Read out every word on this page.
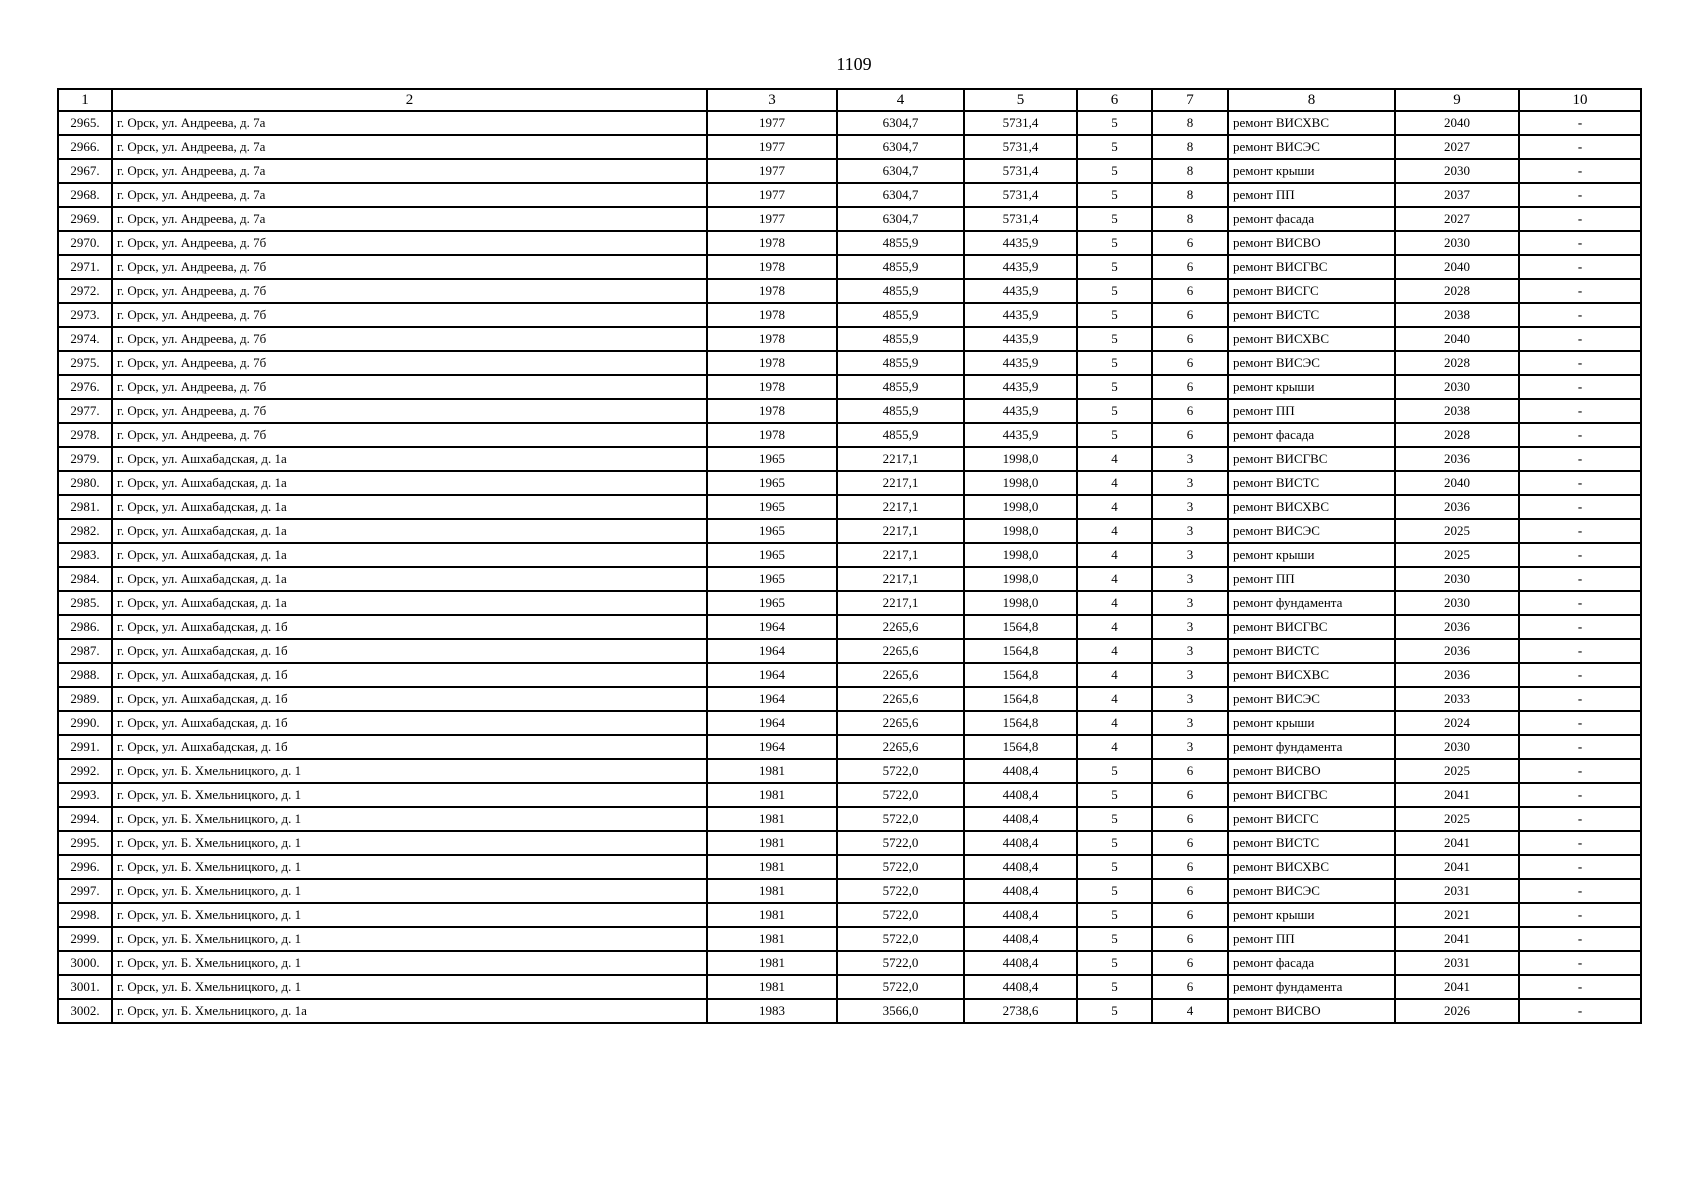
1109
1	2	3	4	5	6	7	8	9	10
2965.	г. Орск, ул. Андреева, д. 7а	1977	6304,7	5731,4	5	8	ремонт ВИСХВС	2040	-
2966.	г. Орск, ул. Андреева, д. 7а	1977	6304,7	5731,4	5	8	ремонт ВИСЭС	2027	-
2967.	г. Орск, ул. Андреева, д. 7а	1977	6304,7	5731,4	5	8	ремонт крыши	2030	-
2968.	г. Орск, ул. Андреева, д. 7а	1977	6304,7	5731,4	5	8	ремонт ПП	2037	-
2969.	г. Орск, ул. Андреева, д. 7а	1977	6304,7	5731,4	5	8	ремонт фасада	2027	-
2970.	г. Орск, ул. Андреева, д. 7б	1978	4855,9	4435,9	5	6	ремонт ВИСВО	2030	-
2971.	г. Орск, ул. Андреева, д. 7б	1978	4855,9	4435,9	5	6	ремонт ВИСГВС	2040	-
2972.	г. Орск, ул. Андреева, д. 7б	1978	4855,9	4435,9	5	6	ремонт ВИСГС	2028	-
2973.	г. Орск, ул. Андреева, д. 7б	1978	4855,9	4435,9	5	6	ремонт ВИСТС	2038	-
2974.	г. Орск, ул. Андреева, д. 7б	1978	4855,9	4435,9	5	6	ремонт ВИСХВС	2040	-
2975.	г. Орск, ул. Андреева, д. 7б	1978	4855,9	4435,9	5	6	ремонт ВИСЭС	2028	-
2976.	г. Орск, ул. Андреева, д. 7б	1978	4855,9	4435,9	5	6	ремонт крыши	2030	-
2977.	г. Орск, ул. Андреева, д. 7б	1978	4855,9	4435,9	5	6	ремонт ПП	2038	-
2978.	г. Орск, ул. Андреева, д. 7б	1978	4855,9	4435,9	5	6	ремонт фасада	2028	-
2979.	г. Орск, ул. Ашхабадская, д. 1а	1965	2217,1	1998,0	4	3	ремонт ВИСГВС	2036	-
2980.	г. Орск, ул. Ашхабадская, д. 1а	1965	2217,1	1998,0	4	3	ремонт ВИСТС	2040	-
2981.	г. Орск, ул. Ашхабадская, д. 1а	1965	2217,1	1998,0	4	3	ремонт ВИСХВС	2036	-
2982.	г. Орск, ул. Ашхабадская, д. 1а	1965	2217,1	1998,0	4	3	ремонт ВИСЭС	2025	-
2983.	г. Орск, ул. Ашхабадская, д. 1а	1965	2217,1	1998,0	4	3	ремонт крыши	2025	-
2984.	г. Орск, ул. Ашхабадская, д. 1а	1965	2217,1	1998,0	4	3	ремонт ПП	2030	-
2985.	г. Орск, ул. Ашхабадская, д. 1а	1965	2217,1	1998,0	4	3	ремонт фундамента	2030	-
2986.	г. Орск, ул. Ашхабадская, д. 1б	1964	2265,6	1564,8	4	3	ремонт ВИСГВС	2036	-
2987.	г. Орск, ул. Ашхабадская, д. 1б	1964	2265,6	1564,8	4	3	ремонт ВИСТС	2036	-
2988.	г. Орск, ул. Ашхабадская, д. 1б	1964	2265,6	1564,8	4	3	ремонт ВИСХВС	2036	-
2989.	г. Орск, ул. Ашхабадская, д. 1б	1964	2265,6	1564,8	4	3	ремонт ВИСЭС	2033	-
2990.	г. Орск, ул. Ашхабадская, д. 1б	1964	2265,6	1564,8	4	3	ремонт крыши	2024	-
2991.	г. Орск, ул. Ашхабадская, д. 1б	1964	2265,6	1564,8	4	3	ремонт фундамента	2030	-
2992.	г. Орск, ул. Б. Хмельницкого, д. 1	1981	5722,0	4408,4	5	6	ремонт ВИСВО	2025	-
2993.	г. Орск, ул. Б. Хмельницкого, д. 1	1981	5722,0	4408,4	5	6	ремонт ВИСГВС	2041	-
2994.	г. Орск, ул. Б. Хмельницкого, д. 1	1981	5722,0	4408,4	5	6	ремонт ВИСГС	2025	-
2995.	г. Орск, ул. Б. Хмельницкого, д. 1	1981	5722,0	4408,4	5	6	ремонт ВИСТС	2041	-
2996.	г. Орск, ул. Б. Хмельницкого, д. 1	1981	5722,0	4408,4	5	6	ремонт ВИСХВС	2041	-
2997.	г. Орск, ул. Б. Хмельницкого, д. 1	1981	5722,0	4408,4	5	6	ремонт ВИСЭС	2031	-
2998.	г. Орск, ул. Б. Хмельницкого, д. 1	1981	5722,0	4408,4	5	6	ремонт крыши	2021	-
2999.	г. Орск, ул. Б. Хмельницкого, д. 1	1981	5722,0	4408,4	5	6	ремонт ПП	2041	-
3000.	г. Орск, ул. Б. Хмельницкого, д. 1	1981	5722,0	4408,4	5	6	ремонт фасада	2031	-
3001.	г. Орск, ул. Б. Хмельницкого, д. 1	1981	5722,0	4408,4	5	6	ремонт фундамента	2041	-
3002.	г. Орск, ул. Б. Хмельницкого, д. 1а	1983	3566,0	2738,6	5	4	ремонт ВИСВО	2026	-
